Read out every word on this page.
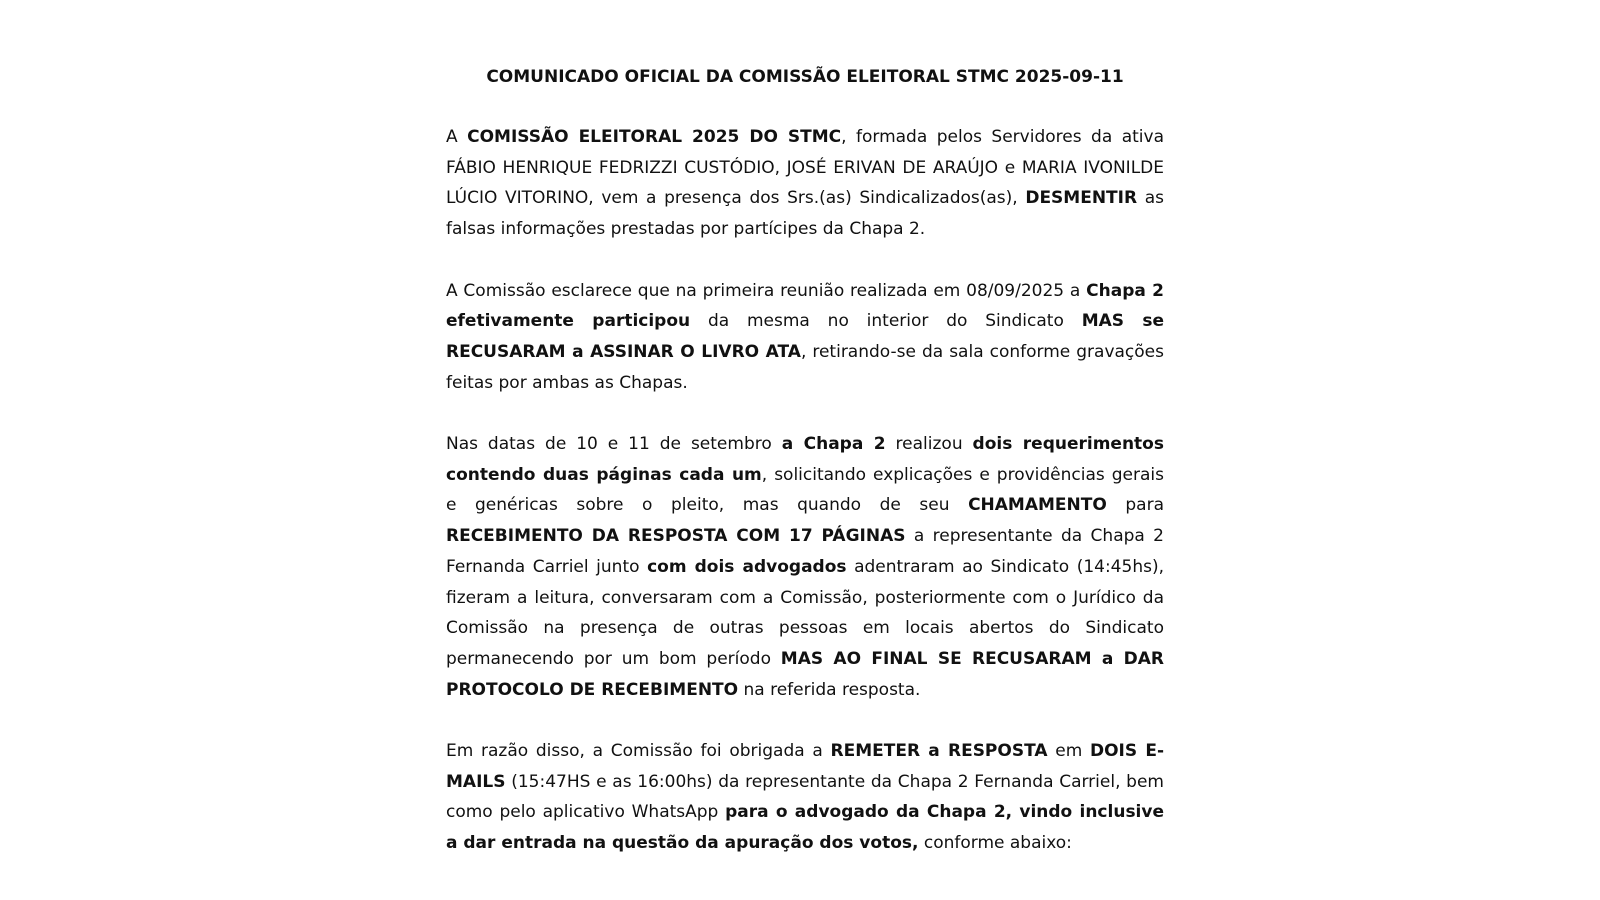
COMUNICADO OFICIAL DA COMISSÃO ELEITORAL STMC 2025-09-11

A COMISSÃO ELEITORAL 2025 DO STMC, formada pelos Servidores da ativa FÁBIO HENRIQUE FEDRIZZI CUSTÓDIO, JOSÉ ERIVAN DE ARAÚJO e MARIA IVONILDE LÚCIO VITORINO, vem a presença dos Srs.(as) Sindicalizados(as), DESMENTIR as falsas informações prestadas por partícipes da Chapa 2.

A Comissão esclarece que na primeira reunião realizada em 08/09/2025 a Chapa 2 efetivamente participou da mesma no interior do Sindicato MAS se RECUSARAM a ASSINAR O LIVRO ATA, retirando-se da sala conforme gravações feitas por ambas as Chapas.

Nas datas de 10 e 11 de setembro a Chapa 2 realizou dois requerimentos contendo duas páginas cada um, solicitando explicações e providências gerais e genéricas sobre o pleito, mas quando de seu CHAMAMENTO para RECEBIMENTO DA RESPOSTA COM 17 PÁGINAS a representante da Chapa 2 Fernanda Carriel junto com dois advogados adentraram ao Sindicato (14:45hs), fizeram a leitura, conversaram com a Comissão, posteriormente com o Jurídico da Comissão na presença de outras pessoas em locais abertos do Sindicato permanecendo por um bom período MAS AO FINAL SE RECUSARAM a DAR PROTOCOLO DE RECEBIMENTO na referida resposta.

Em razão disso, a Comissão foi obrigada a REMETER a RESPOSTA em DOIS E-MAILS (15:47HS e as 16:00hs) da representante da Chapa 2 Fernanda Carriel, bem como pelo aplicativo WhatsApp para o advogado da Chapa 2, vindo inclusive a dar entrada na questão da apuração dos votos, conforme abaixo:
